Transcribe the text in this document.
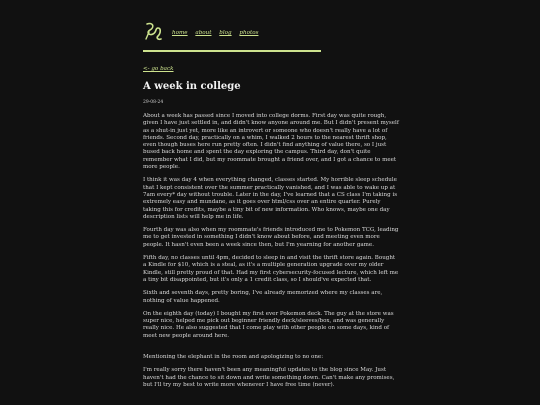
home about blog photos
<- go back
A week in college
29-08-24

About a week has passed since I moved into college dorms. First day was quite rough, given I have just settled in, and didn't know anyone around me. But I didn't present myself as a shut-in just yet, more like an introvert or someone who doesn't really have a lot of friends. Second day, practically on a whim, I walked 2 hours to the nearest thrift shop, even though buses here run pretty often. I didn't find anything of value there, so I just bused back home and spent the day exploring the campus. Third day, don't quite remember what I did, but my roommate brought a friend over, and I got a chance to meet more people.

I think it was day 4 when everything changed, classes started. My horrible sleep schedule that I kept consistent over the summer practically vanished, and I was able to wake up at 7am every* day without trouble. Later in the day, I've learned that a CS class I'm taking is extremely easy and mundane, as it goes over html/css over an entire quarter. Purely taking this for credits, maybe a tiny bit of new information. Who knows, maybe one day description lists will help me in life.

Fourth day was also when my roommate's friends introduced me to Pokemon TCG, leading me to get invested in something I didn't know about before, and meeting even more people. It hasn't even been a week since then, but I'm yearning for another game.

Fifth day, no classes until 4pm, decided to sleep in and visit the thrift store again. Bought a Kindle for $10, which is a steal, as it's a multiple generation upgrade over my older Kindle, still pretty proud of that. Had my first cybersecurity-focused lecture, which left me a tiny bit disappointed, but it's only a 1 credit class, so I should've expected that.

Sixth and seventh days, pretty boring, I've already memorized where my classes are, nothing of value happened.

On the eighth day (today) I bought my first ever Pokemon deck. The guy at the store was super nice, helped me pick out beginner friendly deck/sleeves/box, and was generally really nice. He also suggested that I come play with other people on some days, kind of meet new people around here.

Mentioning the elephant in the room and apologizing to no one:

I'm really sorry there haven't been any meaningful updates to the blog since May. Just haven't had the chance to sit down and write something down. Can't make any promises, but I'll try my best to write more whenever I have free time (never).
